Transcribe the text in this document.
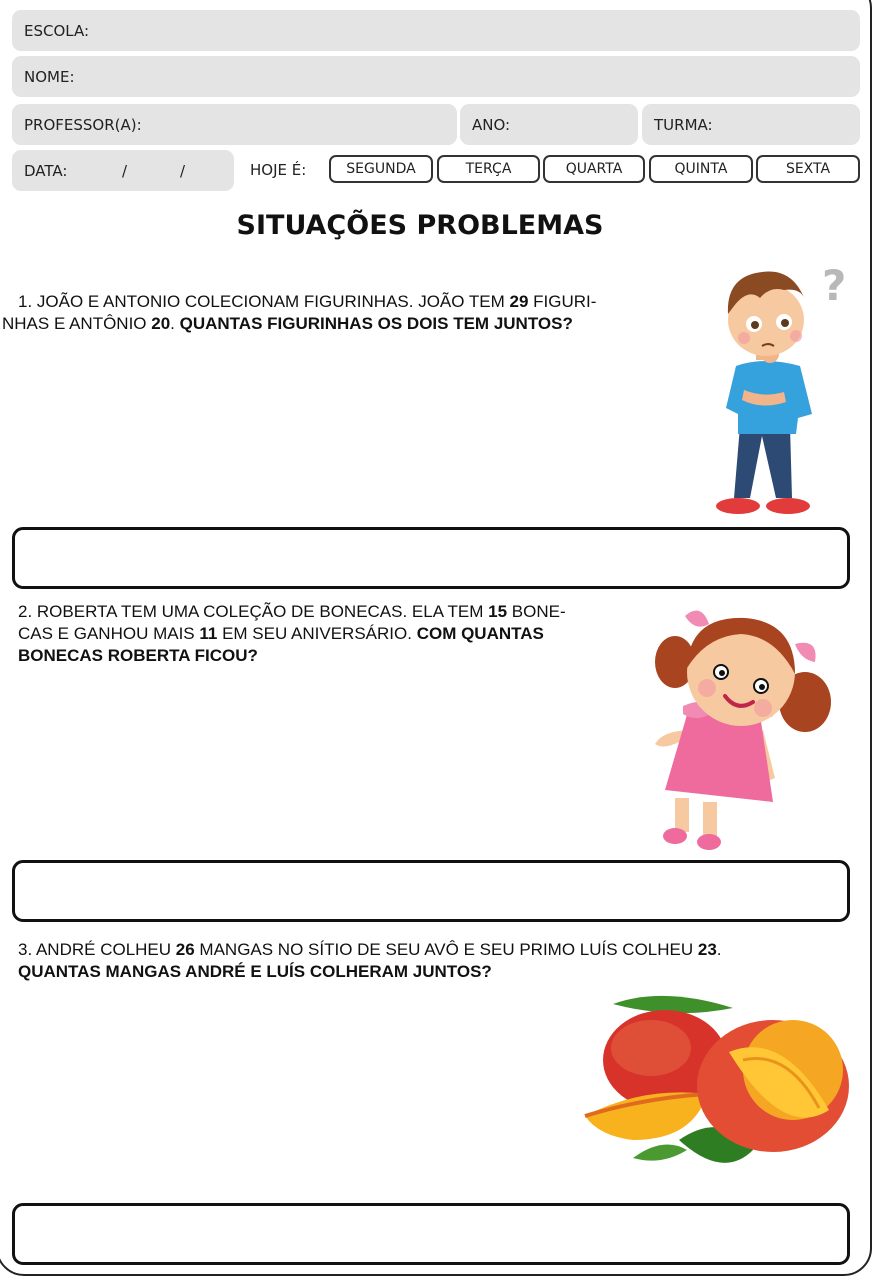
ESCOLA:
NOME:
PROFESSOR(A):	ANO:	TURMA:
DATA:	/	/	HOJE É:	SEGUNDA	TERÇA	QUARTA	QUINTA	SEXTA
SITUAÇÕES PROBLEMAS

1. JOÃO E ANTONIO COLECIONAM FIGURINHAS. JOÃO TEM 29 FIGURI-
NHAS E ANTÔNIO 20. QUANTAS FIGURINHAS OS DOIS TEM JUNTOS?

?

2. ROBERTA TEM UMA COLEÇÃO DE BONECAS. ELA TEM 15 BONE-
CAS E GANHOU MAIS 11 EM SEU ANIVERSÁRIO. COM QUANTAS
BONECAS ROBERTA FICOU?

3. ANDRÉ COLHEU 26 MANGAS NO SÍTIO DE SEU AVÔ E SEU PRIMO LUÍS COLHEU 23.
QUANTAS MANGAS ANDRÉ E LUÍS COLHERAM JUNTOS?
